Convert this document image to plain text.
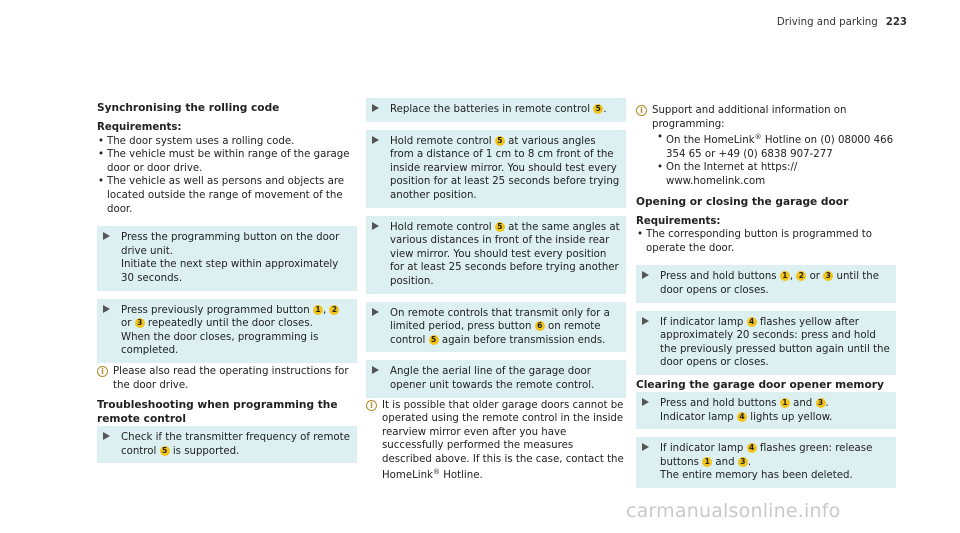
Driving and parking 223
Synchronising the rolling code
Requirements:
• The door system uses a rolling code.
• The vehicle must be within range of the garage door or door drive.
• The vehicle as well as persons and objects are located outside the range of movement of the door.
Press the programming button on the door drive unit.
Initiate the next step within approximately 30 seconds.
Press previously programmed button 1 , 2 or 3 repeatedly until the door closes.
When the door closes, programming is completed.
i Please also read the operating instructions for the door drive.
Troubleshooting when programming the remote control
Check if the transmitter frequency of remote control 5 is supported.
Replace the batteries in remote control 5 .
Hold remote control 5 at various angles from a distance of 1 cm to 8 cm front of the inside rearview mirror. You should test every position for at least 25 seconds before trying another position.
Hold remote control 5 at the same angles at various distances in front of the inside rear view mirror. You should test every position for at least 25 seconds before trying another position.
On remote controls that transmit only for a limited period, press button 6 on remote control 5 again before transmission ends.
Angle the aerial line of the garage door opener unit towards the remote control.
i It is possible that older garage doors cannot be operated using the remote control in the inside rearview mirror even after you have successfully performed the measures described above. If this is the case, contact the HomeLink® Hotline.
i Support and additional information on programming:
• On the HomeLink® Hotline on (0) 08000 466 354 65 or +49 (0) 6838 907-277
• On the Internet at https:// www.homelink.com
Opening or closing the garage door
Requirements:
• The corresponding button is programmed to operate the door.
Press and hold buttons 1 , 2 or 3 until the door opens or closes.
If indicator lamp 4 flashes yellow after approximately 20 seconds: press and hold the previously pressed button again until the door opens or closes.
Clearing the garage door opener memory
Press and hold buttons 1 and 3 .
Indicator lamp 4 lights up yellow.
If indicator lamp 4 flashes green: release buttons 1 and 3 .
The entire memory has been deleted.
carmanualsonline.info
